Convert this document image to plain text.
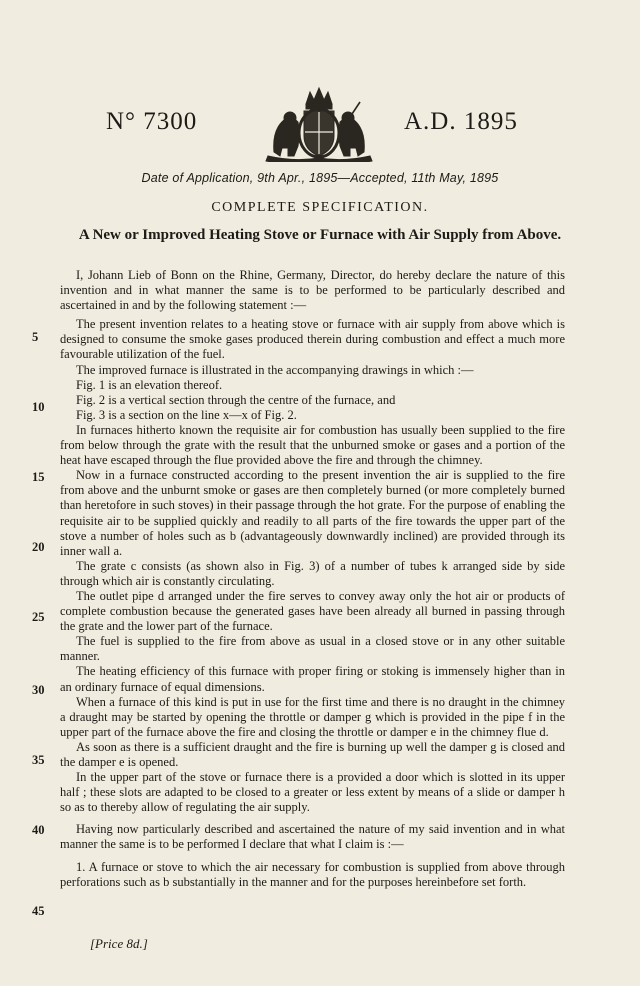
N° 7300	A.D. 1895
Date of Application, 9th Apr., 1895—Accepted, 11th May, 1895
COMPLETE SPECIFICATION.
A New or Improved Heating Stove or Furnace with Air Supply from Above.

I, Johann Lieb of Bonn on the Rhine, Germany, Director, do hereby declare the nature of this invention and in what manner the same is to be performed to be particularly described and ascertained in and by the following statement :—

The present invention relates to a heating stove or furnace with air supply from above which is designed to consume the smoke gases produced therein during combustion and effect a much more favourable utilization of the fuel.

The improved furnace is illustrated in the accompanying drawings in which :—

Fig. 1 is an elevation thereof.

Fig. 2 is a vertical section through the centre of the furnace, and

Fig. 3 is a section on the line x—x of Fig. 2.

In furnaces hitherto known the requisite air for combustion has usually been supplied to the fire from below through the grate with the result that the unburned smoke or gases and a portion of the heat have escaped through the flue provided above the fire and through the chimney.

Now in a furnace constructed according to the present invention the air is supplied to the fire from above and the unburnt smoke or gases are then completely burned (or more completely burned than heretofore in such stoves) in their passage through the hot grate. For the purpose of enabling the requisite air to be supplied quickly and readily to all parts of the fire towards the upper part of the stove a number of holes such as b (advantageously downwardly inclined) are provided through its inner wall a.

The grate c consists (as shown also in Fig. 3) of a number of tubes k arranged side by side through which air is constantly circulating.

The outlet pipe d arranged under the fire serves to convey away only the hot air or products of complete combustion because the generated gases have been already all burned in passing through the grate and the lower part of the furnace.

The fuel is supplied to the fire from above as usual in a closed stove or in any other suitable manner.

The heating efficiency of this furnace with proper firing or stoking is immensely higher than in an ordinary furnace of equal dimensions.

When a furnace of this kind is put in use for the first time and there is no draught in the chimney a draught may be started by opening the throttle or damper g which is provided in the pipe f in the upper part of the furnace above the fire and closing the throttle or damper e in the chimney flue d.

As soon as there is a sufficient draught and the fire is burning up well the damper g is closed and the damper e is opened.

In the upper part of the stove or furnace there is a provided a door which is slotted in its upper half ; these slots are adapted to be closed to a greater or less extent by means of a slide or damper h so as to thereby allow of regulating the air supply.

Having now particularly described and ascertained the nature of my said invention and in what manner the same is to be performed I declare that what I claim is :—

1. A furnace or stove to which the air necessary for combustion is supplied from above through perforations such as b substantially in the manner and for the purposes hereinbefore set forth.

5
10
15
20
25
30
35
40
45
[Price 8d.]
